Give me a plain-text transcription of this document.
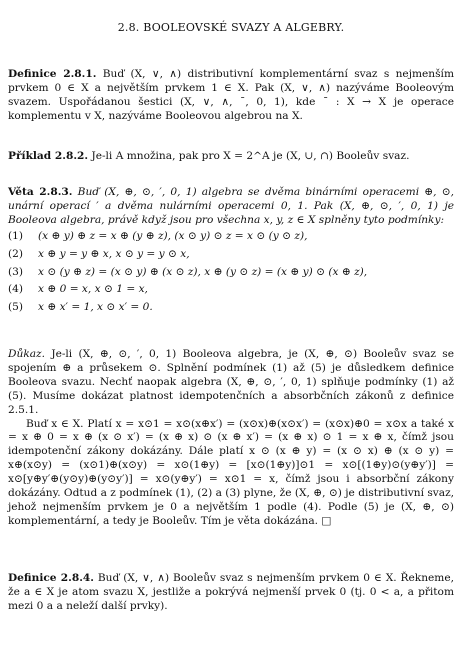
2.8. BOOLEOVSKÉ SVAZY A ALGEBRY.
Definice 2.8.1. Buď (X, ∨, ∧) distributivní komplementární svaz s nejmenším prvkem 0 ∈ X a největším prvkem 1 ∈ X. Pak (X, ∨, ∧) nazýváme Booleovým svazem. Uspořádanou šestici (X, ∨, ∧, ¯, 0, 1), kde ¯ : X → X je operace komplementu v X, nazýváme Booleovou algebrou na X.
Příklad 2.8.2. Je-li A množina, pak pro X = 2^A je (X, ∪, ∩) Booleův svaz.
Věta 2.8.3. Buď (X, ⊕, ⊙, ′, 0, 1) algebra se dvěma binárními operacemi ⊕, ⊙, unární operací ′ a dvěma nulárními operacemi 0, 1. Pak (X, ⊕, ⊙, ′, 0, 1) je Booleova algebra, právě když jsou pro všechna x, y, z ∈ X splněny tyto podmínky:
(1)	(x ⊕ y) ⊕ z = x ⊕ (y ⊕ z), (x ⊙ y) ⊙ z = x ⊙ (y ⊙ z),
(2)	x ⊕ y = y ⊕ x, x ⊙ y = y ⊙ x,
(3)	x ⊙ (y ⊕ z) = (x ⊙ y) ⊕ (x ⊙ z), x ⊕ (y ⊙ z) = (x ⊕ y) ⊙ (x ⊕ z),
(4)	x ⊕ 0 = x, x ⊙ 1 = x,
(5)	x ⊕ x′ = 1, x ⊙ x′ = 0.

Důkaz. Je-li (X, ⊕, ⊙, ′, 0, 1) Booleova algebra, je (X, ⊕, ⊙) Booleův svaz se spojením ⊕ a průsekem ⊙. Splnění podmínek (1) až (5) je důsledkem definice Booleova svazu. Nechť naopak algebra (X, ⊕, ⊙, ′, 0, 1) splňuje podmínky (1) až (5). Musíme dokázat platnost idempotenčních a absorbčních zákonů z definice 2.5.1.

Buď x ∈ X. Platí x = x⊙1 = x⊙(x⊕x′) = (x⊙x)⊕(x⊙x′) = (x⊙x)⊕0 = x⊙x a také x = x ⊕ 0 = x ⊕ (x ⊙ x′) = (x ⊕ x) ⊙ (x ⊕ x′) = (x ⊕ x) ⊙ 1 = x ⊕ x, čímž jsou idempotenční zákony dokázány. Dále platí x ⊙ (x ⊕ y) = (x ⊙ x) ⊕ (x ⊙ y) = x⊕(x⊙y) = (x⊙1)⊕(x⊙y) = x⊙(1⊕y) = [x⊙(1⊕y)]⊙1 = x⊙[(1⊕y)⊙(y⊕y′)] = x⊙[y⊕y′⊕(y⊙y)⊕(y⊙y′)] = x⊙(y⊕y′) = x⊙1 = x, čímž jsou i absorbční zákony dokázány. Odtud a z podmínek (1), (2) a (3) plyne, že (X, ⊕, ⊙) je distributivní svaz, jehož nejmenším prvkem je 0 a největším 1 podle (4). Podle (5) je (X, ⊕, ⊙) komplementární, a tedy je Booleův. Tím je věta dokázána. □

Definice 2.8.4. Buď (X, ∨, ∧) Booleův svaz s nejmenším prvkem 0 ∈ X. Řekneme, že a ∈ X je atom svazu X, jestliže a pokrývá nejmenší prvek 0 (tj. 0 < a, a přitom mezi 0 a a neleží další prvky).
